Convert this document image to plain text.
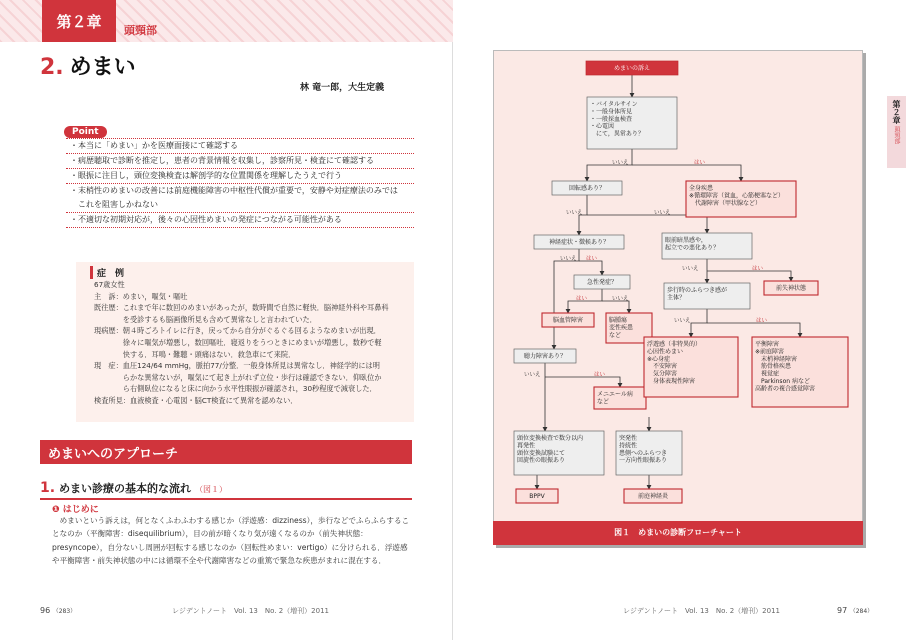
第２章	頭頸部
2. めまい
林 竜一郎，大生定義
Point
・本当に「めまい」かを医療面接にて確認する
・病歴聴取で診断を推定し，患者の背景情報を収集し，診察所見・検査にて確認する
・眼振に注目し，頭位変換検査は解剖学的な位置関係を理解したうえで行う
・末梢性のめまいの改善には前庭機能障害の中枢性代償が重要で，安静や対症療法のみでは
　これを阻害しかねない
・不適切な初期対応が，後々の心因性めまいの発症につながる可能性がある
症　例
67歳女性
主　訴：めまい，嘔気・嘔吐
既往歴：これまで年に数回のめまいがあったが，数時間で自然に軽快．脳神経外科や耳鼻科
　　　　を受診するも脳画像所見も含めて異常なしと言われていた．
現病歴：朝４時ごろトイレに行き，戻ってから自分がぐるぐる回るようなめまいが出現．
　　　　徐々に嘔気が増悪し，数回嘔吐．寝返りをうつときにめまいが増悪し，数秒で軽
　　　　快する．耳鳴・難聴・頭痛はない．救急車にて来院．
現　症：血圧124/64 mmHg，脈拍77/分整．一般身体所見は異常なし．神経学的には明
　　　　らかな異常ないが，嘔気にて起き上がれず立位・歩行は確認できない．仰臥位か
　　　　ら右側臥位になると床に向かう水平性眼振が確認され，30秒程度で減衰した．
検査所見：血液検査・心電図・脳CT検査にて異常を認めない．
めまいへのアプローチ
1. めまい診療の基本的な流れ （図１）
❶ はじめに
　めまいという訴えは，何となくふわふわする感じか（浮遊感：dizziness），歩行などでふらふらすることなのか（平衡障害：disequilibrium），目の前が暗くなり気が遠くなるのか（前失神状態：presyncope），自分ないし周囲が回転する感じなのか（回転性めまい：vertigo）に分けられる．浮遊感や平衡障害・前失神状態の中には循環不全や代謝障害などの重篤で緊急な疾患がまれに混在する．
96 （283）	レジデントノート　Vol. 13　No. 2（増刊）2011
第２章
頭頸部
めまいの訴え
・バイタルサイン
・一般身体所見
・一般採血検査
・心電図
　にて，異常あり？
回転感あり？	全身疾患
※循環障害（貧血，心筋梗塞など）
　代謝障害（甲状腺など）
神経症状・徴候あり？	眼前暗黒感や，
起立での悪化あり？
急性発症？
脳血管障害	脳腫瘍
変性疾患
など
歩行時のふらつき感が
主体？
前失神状態
聴力障害あり？
メニエール病
など
浮遊感（非特異的）
心因性めまい
※心身症
　不安障害
　気分障害
　身体表現性障害
平衡障害
※前庭障害
　末梢神経障害
　筋骨格疾患
　視覚症
　Parkinson 病など
高齢者の複合感覚障害
頭位変換検査で数分以内
再発性
頭位変換試験にて
回旋性の眼振あり
突発性
持続性
患側へのふらつき
一方向性眼振あり
BPPV	前庭神経炎
いいえ	はい
いいえ	いいえ
いいえ はい
はい	いいえ
いいえ	はい
いいえ	はい
いいえ	はい
図１　めまいの診断フローチャート
レジデントノート　Vol. 13　No. 2（増刊）2011	97 （284）
